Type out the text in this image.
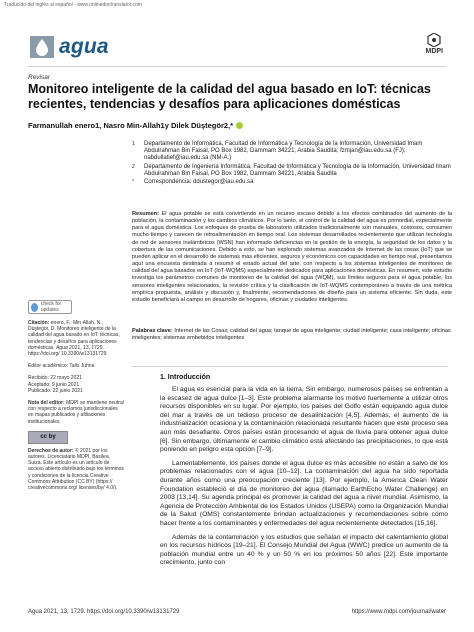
Traducido del inglés al español - www.onlinedoctranslator.com
agua	MDPI
Revisar
Monitoreo inteligente de la calidad del agua basado en IoT: técnicas recientes, tendencias y desafíos para aplicaciones domésticas
Farmanullah enero1, Nasro Min-Allah1y Dilek Düştegör2,*
1	Departamento de Informática, Facultad de Informática y Tecnología de la Información, Universidad Imam Abdulrahman Bin Faisal, PO Box 1982, Dammam 34221, Arabia Saudita; fzmjan@iau.edu.sa (FJ); nabdullatief@iau.edu.sa (NM-A.)
2	Departamento de Ingeniería Informática, Facultad de Informática y Tecnología de la Información, Universidad Imam Abdulrahman Bin Faisal, PO Box 1982, Dammam 34221, Arabia Saudita
*	Correspondencia: ddustegor@iau.edu.sa
Resumen: El agua potable se está convirtiendo en un recurso escaso debido a los efectos combinados del aumento de la población, la contaminación y los cambios climáticos. Por lo tanto, el control de la calidad del agua es primordial, especialmente para el agua doméstica. Los enfoques de prueba de laboratorio utilizados tradicionalmente son manuales, costosos, consumen mucho tiempo y carecen de retroalimentación en tiempo real. Los sistemas desarrollados recientemente que utilizan tecnología de red de sensores inalámbricos (WSN) han informado deficiencias en la gestión de la energía, la seguridad de los datos y la cobertura de las comunicaciones. Debido a esto, se han explorado sistemas avanzados de Internet de las cosas (IoT) que se pueden aplicar en el desarrollo de sistemas más eficientes, seguros y económicos con capacidades en tiempo real, presentamos aquí una encuesta destinada a resumir el estado actual del arte. con respecto a los sistemas inteligentes de monitoreo de calidad del agua basados en IoT (IoT-WQMS) especialmente dedicados para aplicaciones domésticas. En resumen, este estudio investiga los parámetros comunes de monitoreo de la calidad del agua (WQM), sus límites seguros para el agua potable, los sensores inteligentes relacionados, la revisión crítica y la clasificación de IoT-WQMS contemporáneo a través de una métrica empírica propuesta, análisis y discusión y, finalmente, recomendaciones de diseño para un sistema eficiente. Sin duda, este estudio beneficiará al campo en desarrollo de hogares, oficinas y ciudades inteligentes.
Palabras clave: Internet de las Cosas; calidad del agua; tanque de agua inteligente; ciudad inteligente; casa inteligente; oficinas inteligentes; sistemas embebidos inteligentes
check for updates
Citación: enero, F.; Min-Allah, N.; Düştegör, D. Monitoreo inteligente de la calidad del agua basado en IoT: técnicas, tendencias y desafíos para aplicaciones domésticas. Agua 2021, 13, 1729. https://doi.org/ 10.3390/w13131729
Editor académico: Talis Juhna
Recibido: 22 mayo 2021
Aceptado: 9 junio 2021
Publicado: 22 junio 2021
Nota del editor: MDPI se mantiene neutral con respecto a reclamos jurisdiccionales en mapas publicados y afiliaciones institucionales.
cc by
Derechos de autor: © 2021 por los autores. Licenciatario MDPI, Basilea, Suiza. Este artículo es un artículo de acceso abierto distribuido bajo los términos y condiciones de la licencia Creative Commons Attribution (CC BY) (https:// creativecommons.org/ licenses/by/ 4.0/).
1. Introducción

El agua es esencial para la vida en la tierra. Sin embargo, numerosos países se enfrentan a la escasez de agua dulce [1–3]. Este problema alarmante los motivó fuertemente a utilizar otros recursos disponibles en su lugar. Por ejemplo, los países del Golfo están equipando agua dulce del mar a través de un tedioso proceso de desalinización [4,5]. Además, el aumento de la industrialización ocasiona y la contaminación relacionada resultante hacen que este proceso sea aún más desafiante. Otros países están procesando el agua de lluvia para obtener agua dulce [6]. Sin embargo, últimamente el cambio climático está afectando las precipitaciones, lo que está poniendo en peligro esta opción [7–9].

Lamentablemente, los países donde el agua dulce es más accesible no están a salvo de los problemas relacionados con el agua [10–12]. La contaminación del agua ha sido reportada durante años como una preocupación creciente [13]. Por ejemplo, la America Clean Water Foundation estableció el día de monitoreo del agua (llamado EarthEcho Water Challenge) en 2003 [13,14]. Su agenda principal es promover la calidad del agua a nivel mundial. Asimismo, la Agencia de Protección Ambiental de los Estados Unidos (USEPA) como la Organización Mundial de la Salud (OMS) constantemente brindan actualizaciones y recomendaciones sobre cómo hacer frente a los contaminantes y enfermedades del agua recientemente detectados [15,16].

Además de la contaminación y los estudios que señalan el impacto del calentamiento global en los recursos hídricos [19–21]. El Consejo Mundial del Agua (WWC) predice un aumento de la población mundial entre un 40 % y un 50 % en los próximos 50 años [22]. Este importante crecimiento, junto con

Agua 2021, 13, 1729. https://doi.org/10.3390/w13131729	https://www.mdpi.com/journal/water
